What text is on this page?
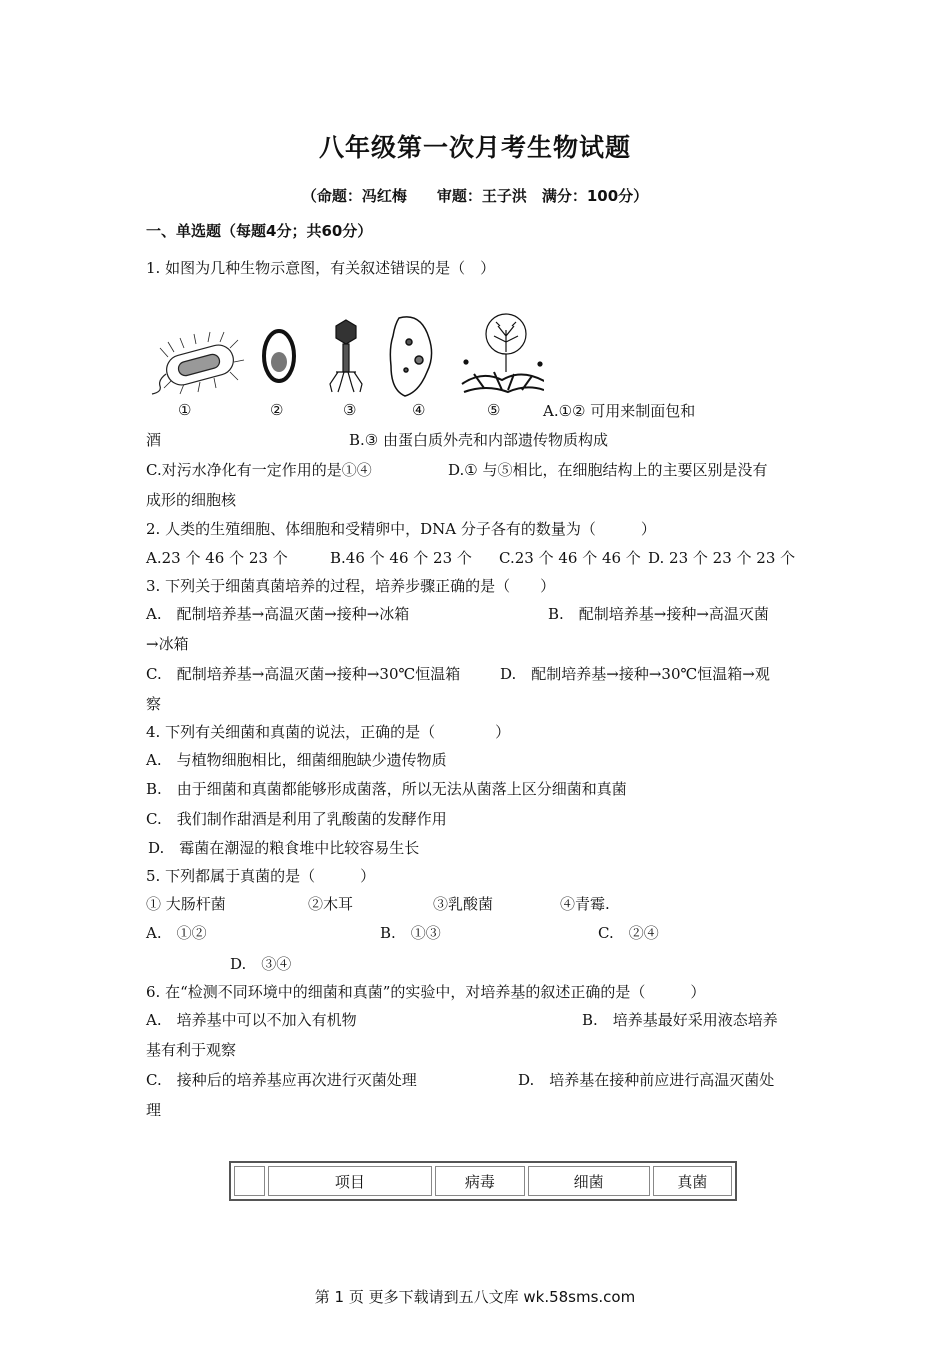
八年级第一次月考生物试题
（命题：冯红梅　　审题：王子洪　满分：100分）
一、单选题（每题4分；共60分）
1. 如图为几种生物示意图，有关叙述错误的是（　）
①	②	③	④	⑤	A.①② 可用来制面包和
酒	B.③ 由蛋白质外壳和内部遗传物质构成
C.对污水净化有一定作用的是①④	D.① 与⑤相比，在细胞结构上的主要区别是没有
成形的细胞核
2. 人类的生殖细胞、体细胞和受精卵中，DNA 分子各有的数量为（　　　）
A.23 个 46 个 23 个	B.46 个 46 个 23 个 C.23 个 46 个 46 个 D. 23 个 23 个 23 个
3. 下列关于细菌真菌培养的过程，培养步骤正确的是（　　）
A.　配制培养基→高温灭菌→接种→冰箱	B.　配制培养基→接种→高温灭菌
→冰箱
C.　配制培养基→高温灭菌→接种→30℃恒温箱	D.　配制培养基→接种→30℃恒温箱→观
察
4. 下列有关细菌和真菌的说法，正确的是（　　　　）
A.　与植物细胞相比，细菌细胞缺少遗传物质
B.　由于细菌和真菌都能够形成菌落，所以无法从菌落上区分细菌和真菌
C.　我们制作甜酒是利用了乳酸菌的发酵作用
D.　霉菌在潮湿的粮食堆中比较容易生长
5. 下列都属于真菌的是（　　　）
① 大肠杆菌	②木耳	③乳酸菌	④青霉.
A.　①②	B.　①③	C.　②④
D.　③④
6. 在“检测不同环境中的细菌和真菌”的实验中，对培养基的叙述正确的是（　　　）
A.　培养基中可以不加入有机物	B.　培养基最好采用液态培养
基有利于观察
C.　接种后的培养基应再次进行灭菌处理	D.　培养基在接种前应进行高温灭菌处
理
	项目	病毒	细菌	真菌
第 1 页 更多下载请到五八文库 wk.58sms.com
